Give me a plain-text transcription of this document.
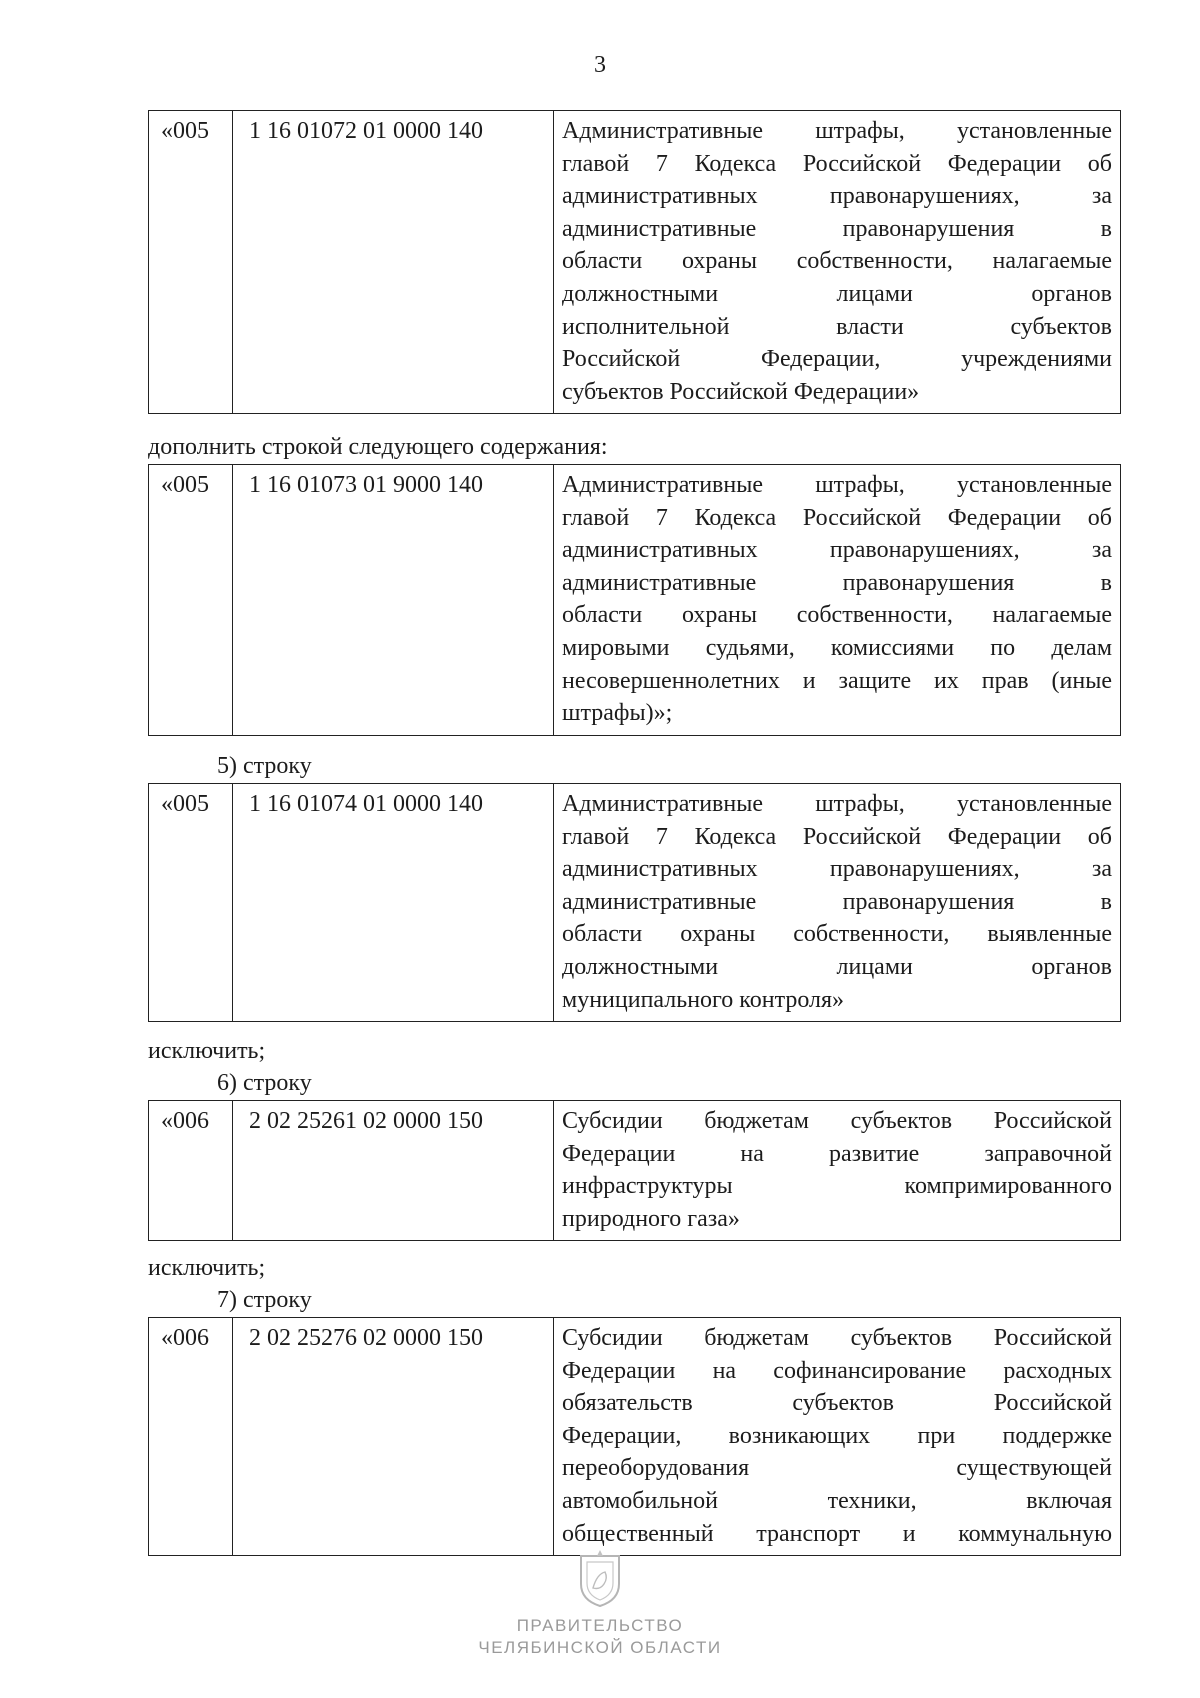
3
«005	1 16 01072 01 0000 140	Административные штрафы, установленные
главой 7 Кодекса Российской Федерации об
административных правонарушениях, за
административные правонарушения в
области охраны собственности, налагаемые
должностными лицами органов
исполнительной власти субъектов
Российской Федерации, учреждениями
субъектов Российской Федерации»
дополнить строкой следующего содержания:
«005	1 16 01073 01 9000 140	Административные штрафы, установленные
главой 7 Кодекса Российской Федерации об
административных правонарушениях, за
административные правонарушения в
области охраны собственности, налагаемые
мировыми судьями, комиссиями по делам
несовершеннолетних и защите их прав (иные
штрафы)»;
5) строку
«005	1 16 01074 01 0000 140	Административные штрафы, установленные
главой 7 Кодекса Российской Федерации об
административных правонарушениях, за
административные правонарушения в
области охраны собственности, выявленные
должностными лицами органов
муниципального контроля»
исключить;
6) строку
«006	2 02 25261 02 0000 150	Субсидии бюджетам субъектов Российской
Федерации на развитие заправочной
инфраструктуры компримированного
природного газа»
исключить;
7) строку
«006	2 02 25276 02 0000 150	Субсидии бюджетам субъектов Российской
Федерации на софинансирование расходных
обязательств субъектов Российской
Федерации, возникающих при поддержке
переоборудования существующей
автомобильной техники, включая
общественный транспорт и коммунальную
ПРАВИТЕЛЬСТВО
ЧЕЛЯБИНСКОЙ ОБЛАСТИ
